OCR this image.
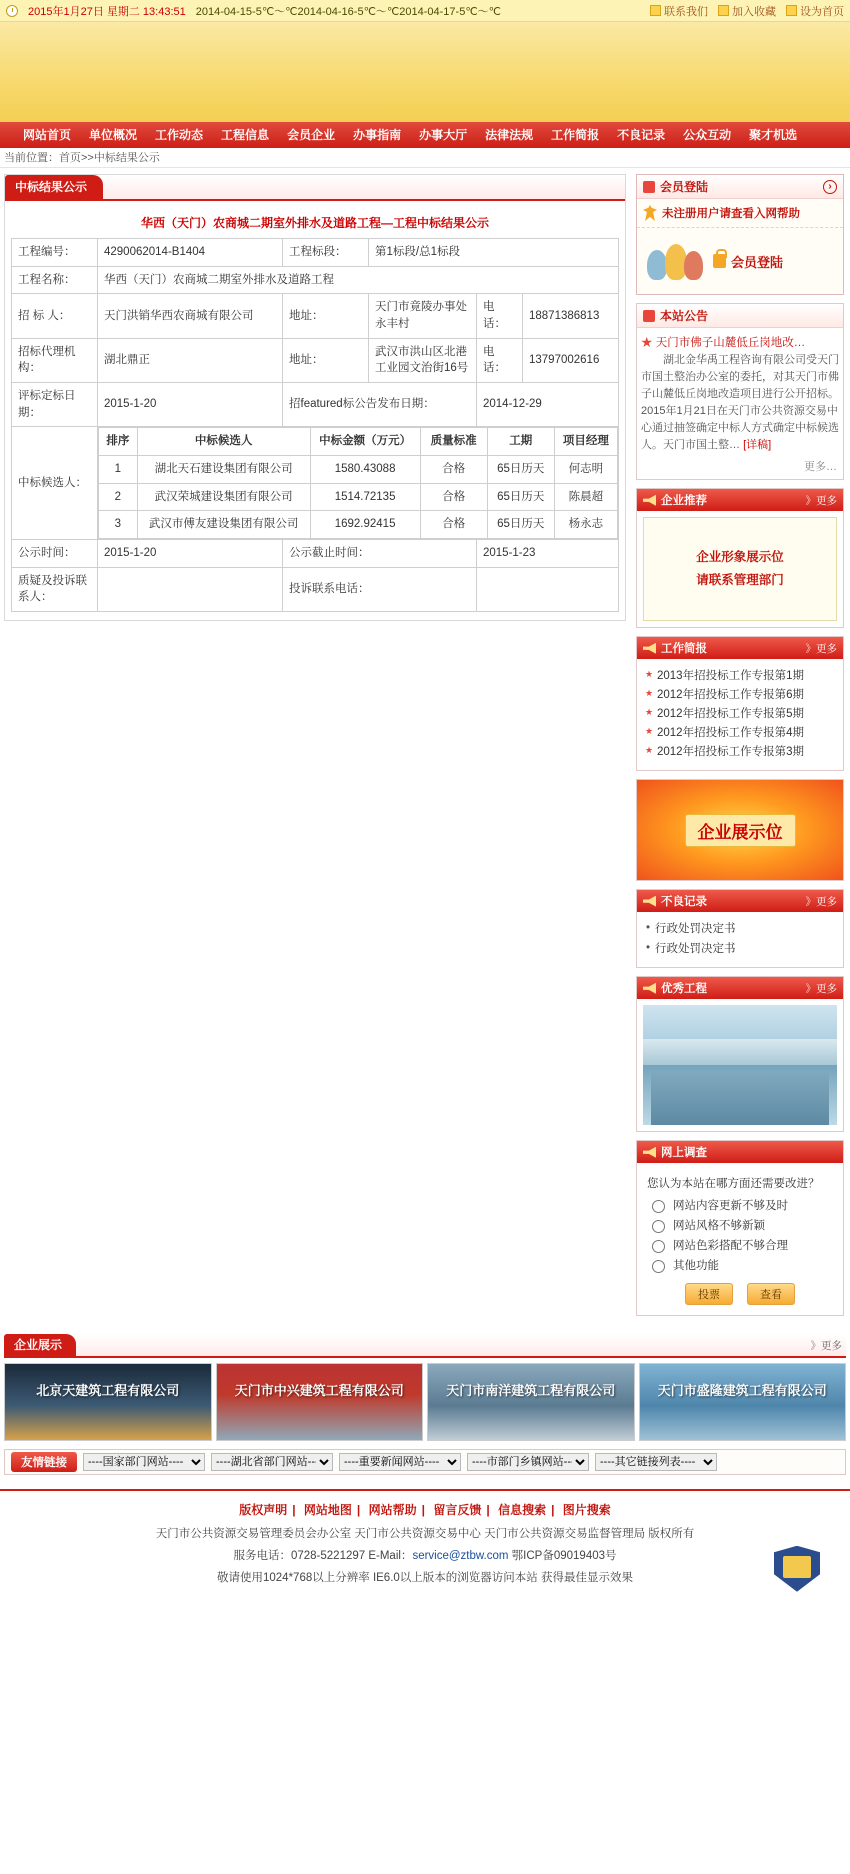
2015年1月27日 星期二 13:43:51 2014-04-15-5℃～℃2014-04-16-5℃～℃2014-04-17-5℃～℃	联系我们 加入收藏 设为首页
网站首页	单位概况	工作动态	工程信息	会员企业	办事指南	办事大厅	法律法规	工作简报	不良记录	公众互动	聚才机选
当前位置：首页>>中标结果公示
中标结果公示
华西（天门）农商城二期室外排水及道路工程—工程中标结果公示
工程编号：	4290062014-B1404	工程标段：	第1标段/总1标段
工程名称：	华西（天门）农商城二期室外排水及道路工程
招 标 人：	天门洪销华西农商城有限公司	地址：	天门市竟陵办事处永丰村	电话：	18871386813
招标代理机构：	湖北鼎正	地址：	武汉市洪山区北港工业园文治街16号	电话：	13797002616
评标定标日期：	2015-1-20	招featured标公告发布日期：	2014-12-29
中标候选人：	
排序	中标候选人	中标金额（万元）	质量标准	工期	项目经理
1	湖北天石建设集团有限公司	1580.43088	合格	65日历天	何志明
2	武汉荣城建设集团有限公司	1514.72135	合格	65日历天	陈晨超
3	武汉市傅友建设集团有限公司	1692.92415	合格	65日历天	杨永志

公示时间：	2015-1-20	公示截止时间：	2015-1-23
质疑及投诉联系人：		投诉联系电话：	
会员登陆	›
未注册用户请查看入网帮助
会员登陆
本站公告
★ 天门市佛子山麓低丘岗地改…
湖北金华禹工程咨询有限公司受天门市国土整治办公室的委托，对其天门市佛子山麓低丘岗地改造项目进行公开招标。2015年1月21日在天门市公共资源交易中心通过抽签确定中标人方式确定中标候选人。天门市国土整… [详稿]
更多…
企业推荐	》更多
企业形象展示位
请联系管理部门
工作简报	》更多
★ 2013年招投标工作专报第1期
★ 2012年招投标工作专报第6期
★ 2012年招投标工作专报第5期
★ 2012年招投标工作专报第4期
★ 2012年招投标工作专报第3期
企业展示位
不良记录	》更多
• 行政处罚决定书
• 行政处罚决定书
优秀工程	》更多
网上调查
您认为本站在哪方面还需要改进？
网站内容更新不够及时
网站风格不够新颖
网站色彩搭配不够合理
其他功能
投票	查看
企业展示	》更多
北京天建筑工程有限公司	天门市中兴建筑工程有限公司	天门市南洋建筑工程有限公司	天门市盛隆建筑工程有限公司
友情链接
----国家部门网站----
----湖北省部门网站----
----重要新闻网站----
----市部门乡镇网站----
----其它链接列表----
版权声明 | 网站地图 | 网站帮助 | 留言反馈 | 信息搜索 | 图片搜索
天门市公共资源交易管理委员会办公室 天门市公共资源交易中心 天门市公共资源交易监督管理局 版权所有
服务电话：0728-5221297 E-Mail：service@ztbw.com 鄂ICP备09019403号
敬请使用1024*768以上分辨率 IE6.0以上版本的浏览器访问本站 获得最佳显示效果
